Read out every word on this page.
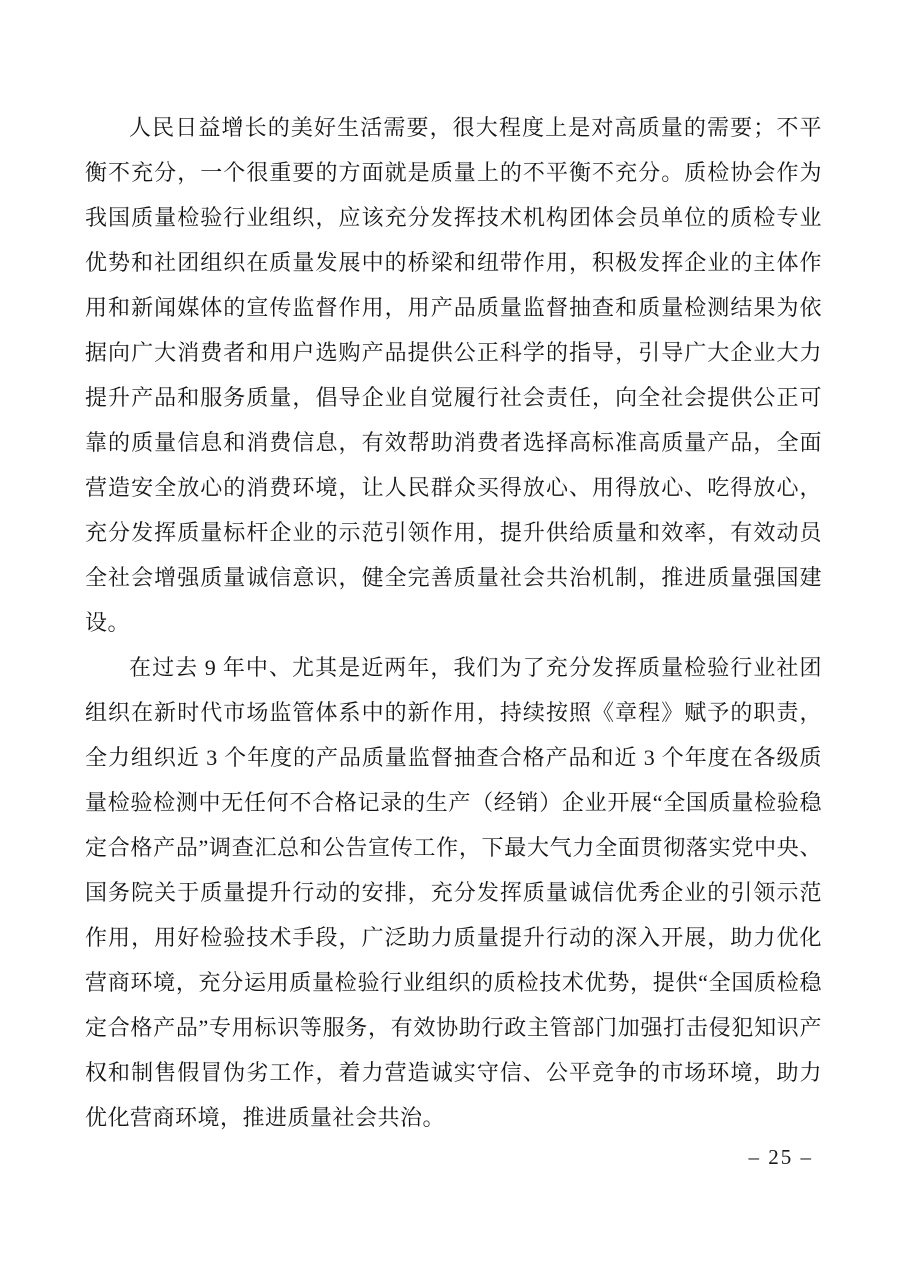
人民日益增长的美好生活需要，很大程度上是对高质量的需要；不平衡不充分，一个很重要的方面就是质量上的不平衡不充分。质检协会作为我国质量检验行业组织，应该充分发挥技术机构团体会员单位的质检专业优势和社团组织在质量发展中的桥梁和纽带作用，积极发挥企业的主体作用和新闻媒体的宣传监督作用，用产品质量监督抽查和质量检测结果为依据向广大消费者和用户选购产品提供公正科学的指导，引导广大企业大力提升产品和服务质量，倡导企业自觉履行社会责任，向全社会提供公正可靠的质量信息和消费信息，有效帮助消费者选择高标准高质量产品，全面营造安全放心的消费环境，让人民群众买得放心、用得放心、吃得放心，充分发挥质量标杆企业的示范引领作用，提升供给质量和效率，有效动员全社会增强质量诚信意识，健全完善质量社会共治机制，推进质量强国建设。

在过去 9 年中、尤其是近两年，我们为了充分发挥质量检验行业社团组织在新时代市场监管体系中的新作用，持续按照《章程》赋予的职责，全力组织近 3 个年度的产品质量监督抽查合格产品和近 3 个年度在各级质量检验检测中无任何不合格记录的生产（经销）企业开展“全国质量检验稳定合格产品”调查汇总和公告宣传工作，下最大气力全面贯彻落实党中央、国务院关于质量提升行动的安排，充分发挥质量诚信优秀企业的引领示范作用，用好检验技术手段，广泛助力质量提升行动的深入开展，助力优化营商环境，充分运用质量检验行业组织的质检技术优势，提供“全国质检稳定合格产品”专用标识等服务，有效协助行政主管部门加强打击侵犯知识产权和制售假冒伪劣工作，着力营造诚实守信、公平竞争的市场环境，助力优化营商环境，推进质量社会共治。

– 25 –
